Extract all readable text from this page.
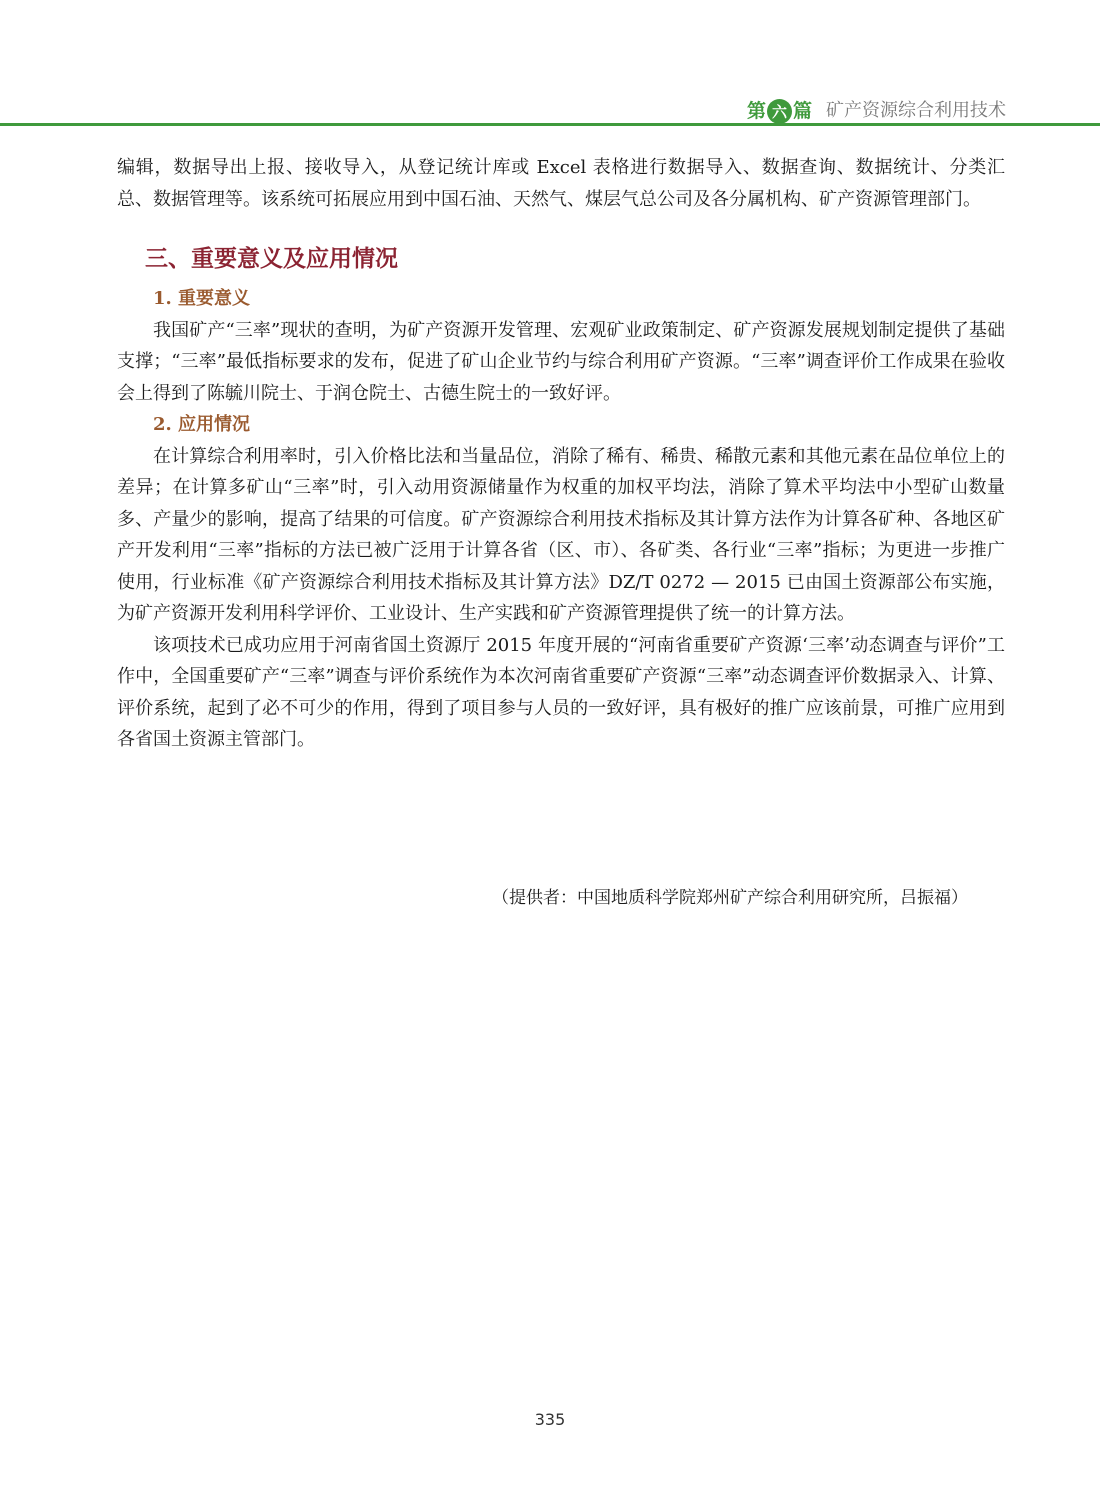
第 六 篇 矿产资源综合利用技术

编辑，数据导出上报、接收导入，从登记统计库或 Excel 表格进行数据导入、数据查询、数据统计、分类汇总、数据管理等。该系统可拓展应用到中国石油、天然气、煤层气总公司及各分属机构、矿产资源管理部门。

三、重要意义及应用情况
1. 重要意义

我国矿产“三率”现状的查明，为矿产资源开发管理、宏观矿业政策制定、矿产资源发展规划制定提供了基础支撑；“三率”最低指标要求的发布，促进了矿山企业节约与综合利用矿产资源。“三率”调查评价工作成果在验收会上得到了陈毓川院士、于润仓院士、古德生院士的一致好评。

2. 应用情况

在计算综合利用率时，引入价格比法和当量品位，消除了稀有、稀贵、稀散元素和其他元素在品位单位上的差异；在计算多矿山“三率”时，引入动用资源储量作为权重的加权平均法，消除了算术平均法中小型矿山数量多、产量少的影响，提高了结果的可信度。矿产资源综合利用技术指标及其计算方法作为计算各矿种、各地区矿产开发利用“三率”指标的方法已被广泛用于计算各省（区、市）、各矿类、各行业“三率”指标；为更进一步推广使用，行业标准《矿产资源综合利用技术指标及其计算方法》DZ/T 0272 — 2015 已由国土资源部公布实施，为矿产资源开发利用科学评价、工业设计、生产实践和矿产资源管理提供了统一的计算方法。

该项技术已成功应用于河南省国土资源厅 2015 年度开展的“河南省重要矿产资源‘三率’动态调查与评价”工作中，全国重要矿产“三率”调查与评价系统作为本次河南省重要矿产资源“三率”动态调查评价数据录入、计算、评价系统，起到了必不可少的作用，得到了项目参与人员的一致好评，具有极好的推广应该前景，可推广应用到各省国土资源主管部门。

（提供者：中国地质科学院郑州矿产综合利用研究所，吕振福）
335
